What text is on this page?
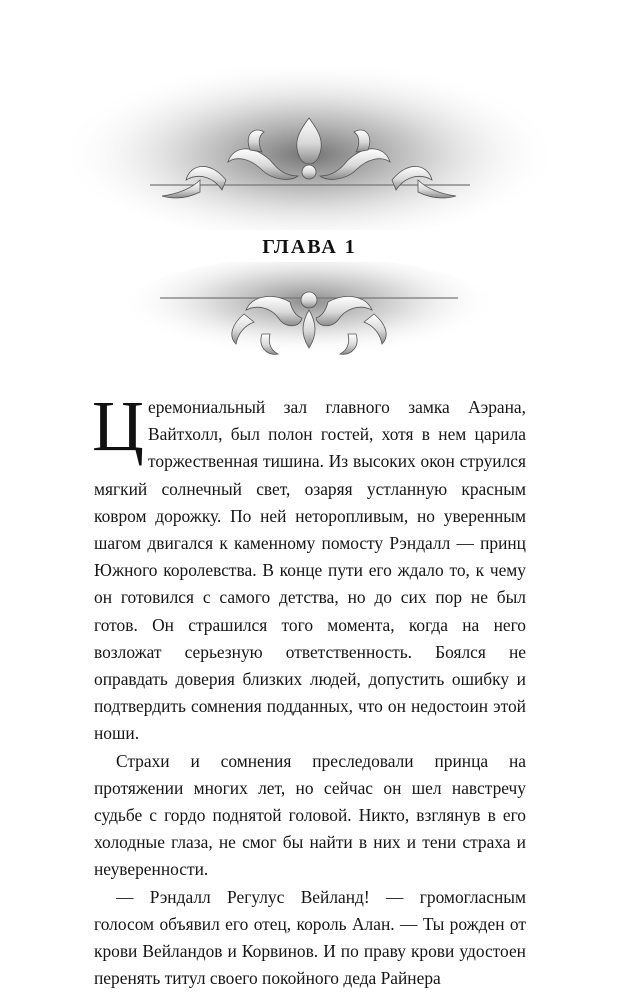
ГЛАВА 1

Церемониальный зал главного замка Аэрана, Вайтхолл, был полон гостей, хотя в нем царила торжественная тишина. Из высоких окон струился мягкий солнечный свет, озаряя устланную красным ковром дорожку. По ней неторопливым, но уверенным шагом двигался к каменному помосту Рэндалл — принц Южного королевства. В конце пути его ждало то, к чему он готовился с самого детства, но до сих пор не был готов. Он страшился того момента, когда на него возложат серьезную ответственность. Боялся не оправдать доверия близких людей, допустить ошибку и подтвердить сомнения подданных, что он недостоин этой ноши.

Страхи и сомнения преследовали принца на протяжении многих лет, но сейчас он шел навстречу судьбе с гордо поднятой головой. Никто, взглянув в его холодные глаза, не смог бы найти в них и тени страха и неуверенности.

— Рэндалл Регулус Вейланд! — громогласным голосом объявил его отец, король Алан. — Ты рожден от крови Вейландов и Корвинов. И по праву крови удостоен перенять титул своего покойного деда Райнера
